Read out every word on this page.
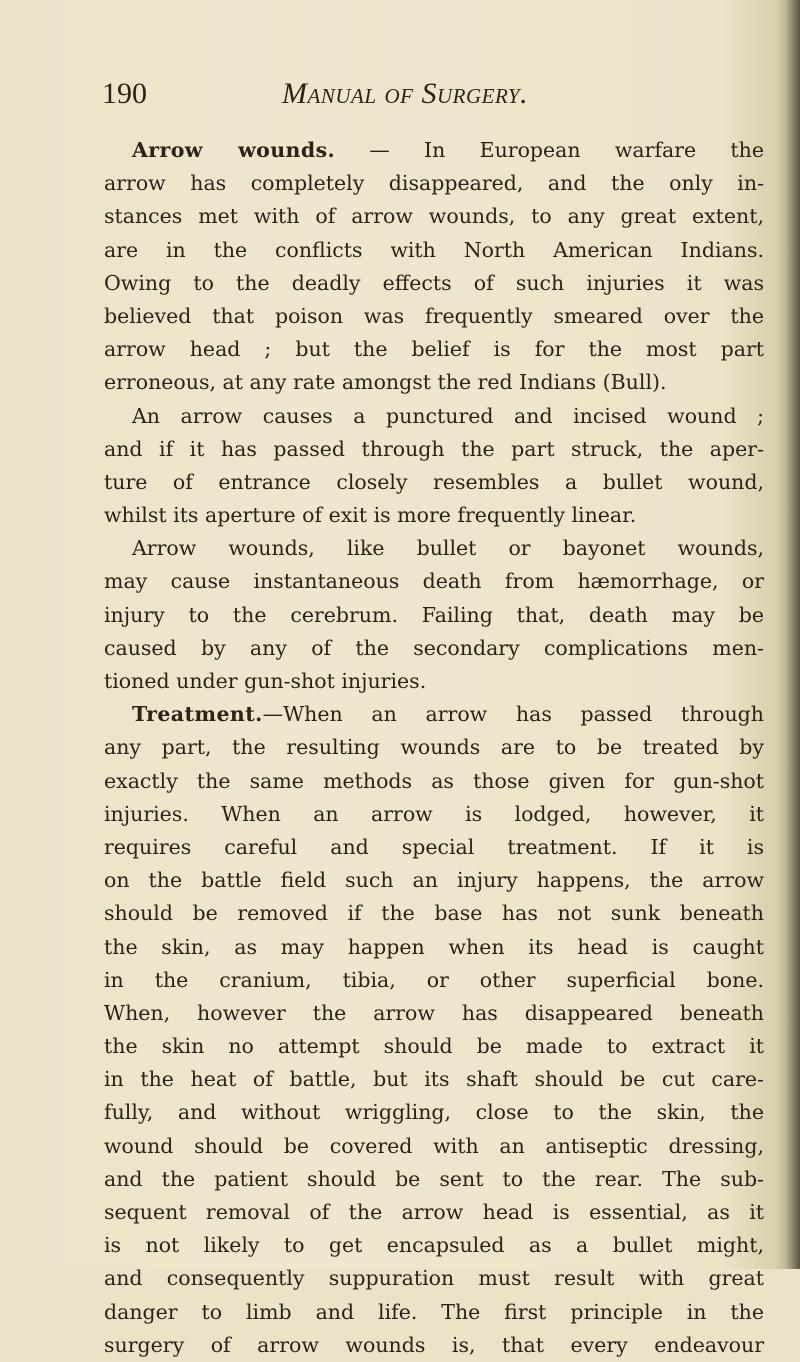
190	Manual of Surgery.
Arrow wounds. — In European warfare the
arrow has completely disappeared, and the only in-
stances met with of arrow wounds, to any great extent,
are in the conflicts with North American Indians.
Owing to the deadly effects of such injuries it was
believed that poison was frequently smeared over the
arrow head ; but the belief is for the most part
erroneous, at any rate amongst the red Indians (Bull).
An arrow causes a punctured and incised wound ;
and if it has passed through the part struck, the aper-
ture of entrance closely resembles a bullet wound,
whilst its aperture of exit is more frequently linear.
Arrow wounds, like bullet or bayonet wounds,
may cause instantaneous death from hæmorrhage, or
injury to the cerebrum. Failing that, death may be
caused by any of the secondary complications men-
tioned under gun-shot injuries.
Treatment.—When an arrow has passed through
any part, the resulting wounds are to be treated by
exactly the same methods as those given for gun-shot
injuries. When an arrow is lodged, however, it
requires careful and special treatment. If it is
on the battle field such an injury happens, the arrow
should be removed if the base has not sunk beneath
the skin, as may happen when its head is caught
in the cranium, tibia, or other superficial bone.
When, however the arrow has disappeared beneath
the skin no attempt should be made to extract it
in the heat of battle, but its shaft should be cut care-
fully, and without wriggling, close to the skin, the
wound should be covered with an antiseptic dressing,
and the patient should be sent to the rear. The sub-
sequent removal of the arrow head is essential, as it
is not likely to get encapsuled as a bullet might,
and consequently suppuration must result with great
danger to limb and life. The first principle in the
surgery of arrow wounds is, that every endeavour
